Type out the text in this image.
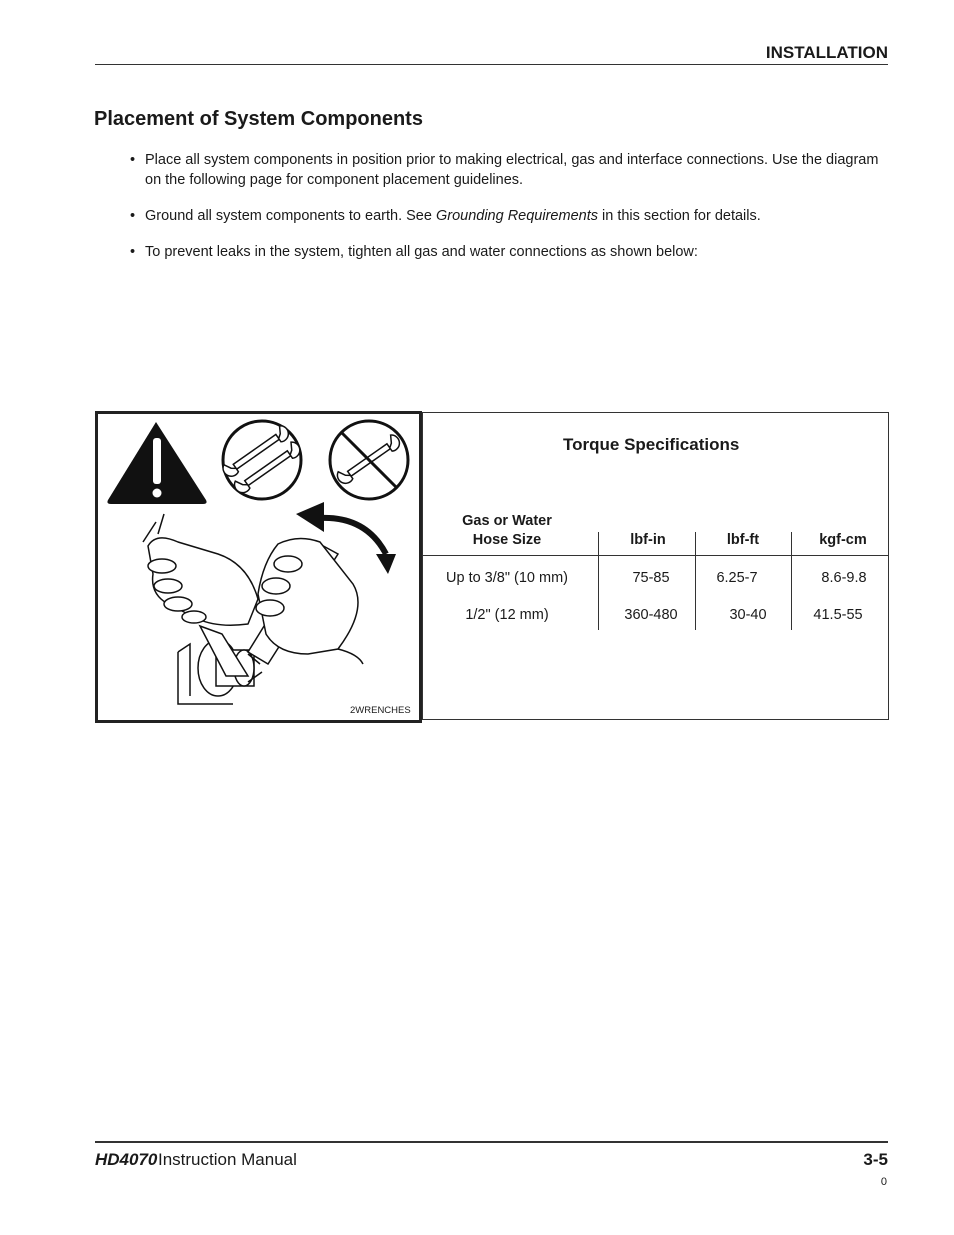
INSTALLATION
Placement of System Components
• Place all system components in position prior to making electrical, gas and interface connections. Use the diagram on the following page for component placement guidelines.
• Ground all system components to earth. See Grounding Requirements in this section for details.
• To prevent leaks in the system, tighten all gas and water connections as shown below:
2WRENCHES
Torque Specifications
Gas or Water
Hose Size	lbf-in	lbf-ft	kgf-cm
Up to 3/8" (10 mm)	75-85	6.25-7	8.6-9.8
1/2" (12 mm)	360-480	30-40	41.5-55
HD4070 Instruction Manual	3-5
0
